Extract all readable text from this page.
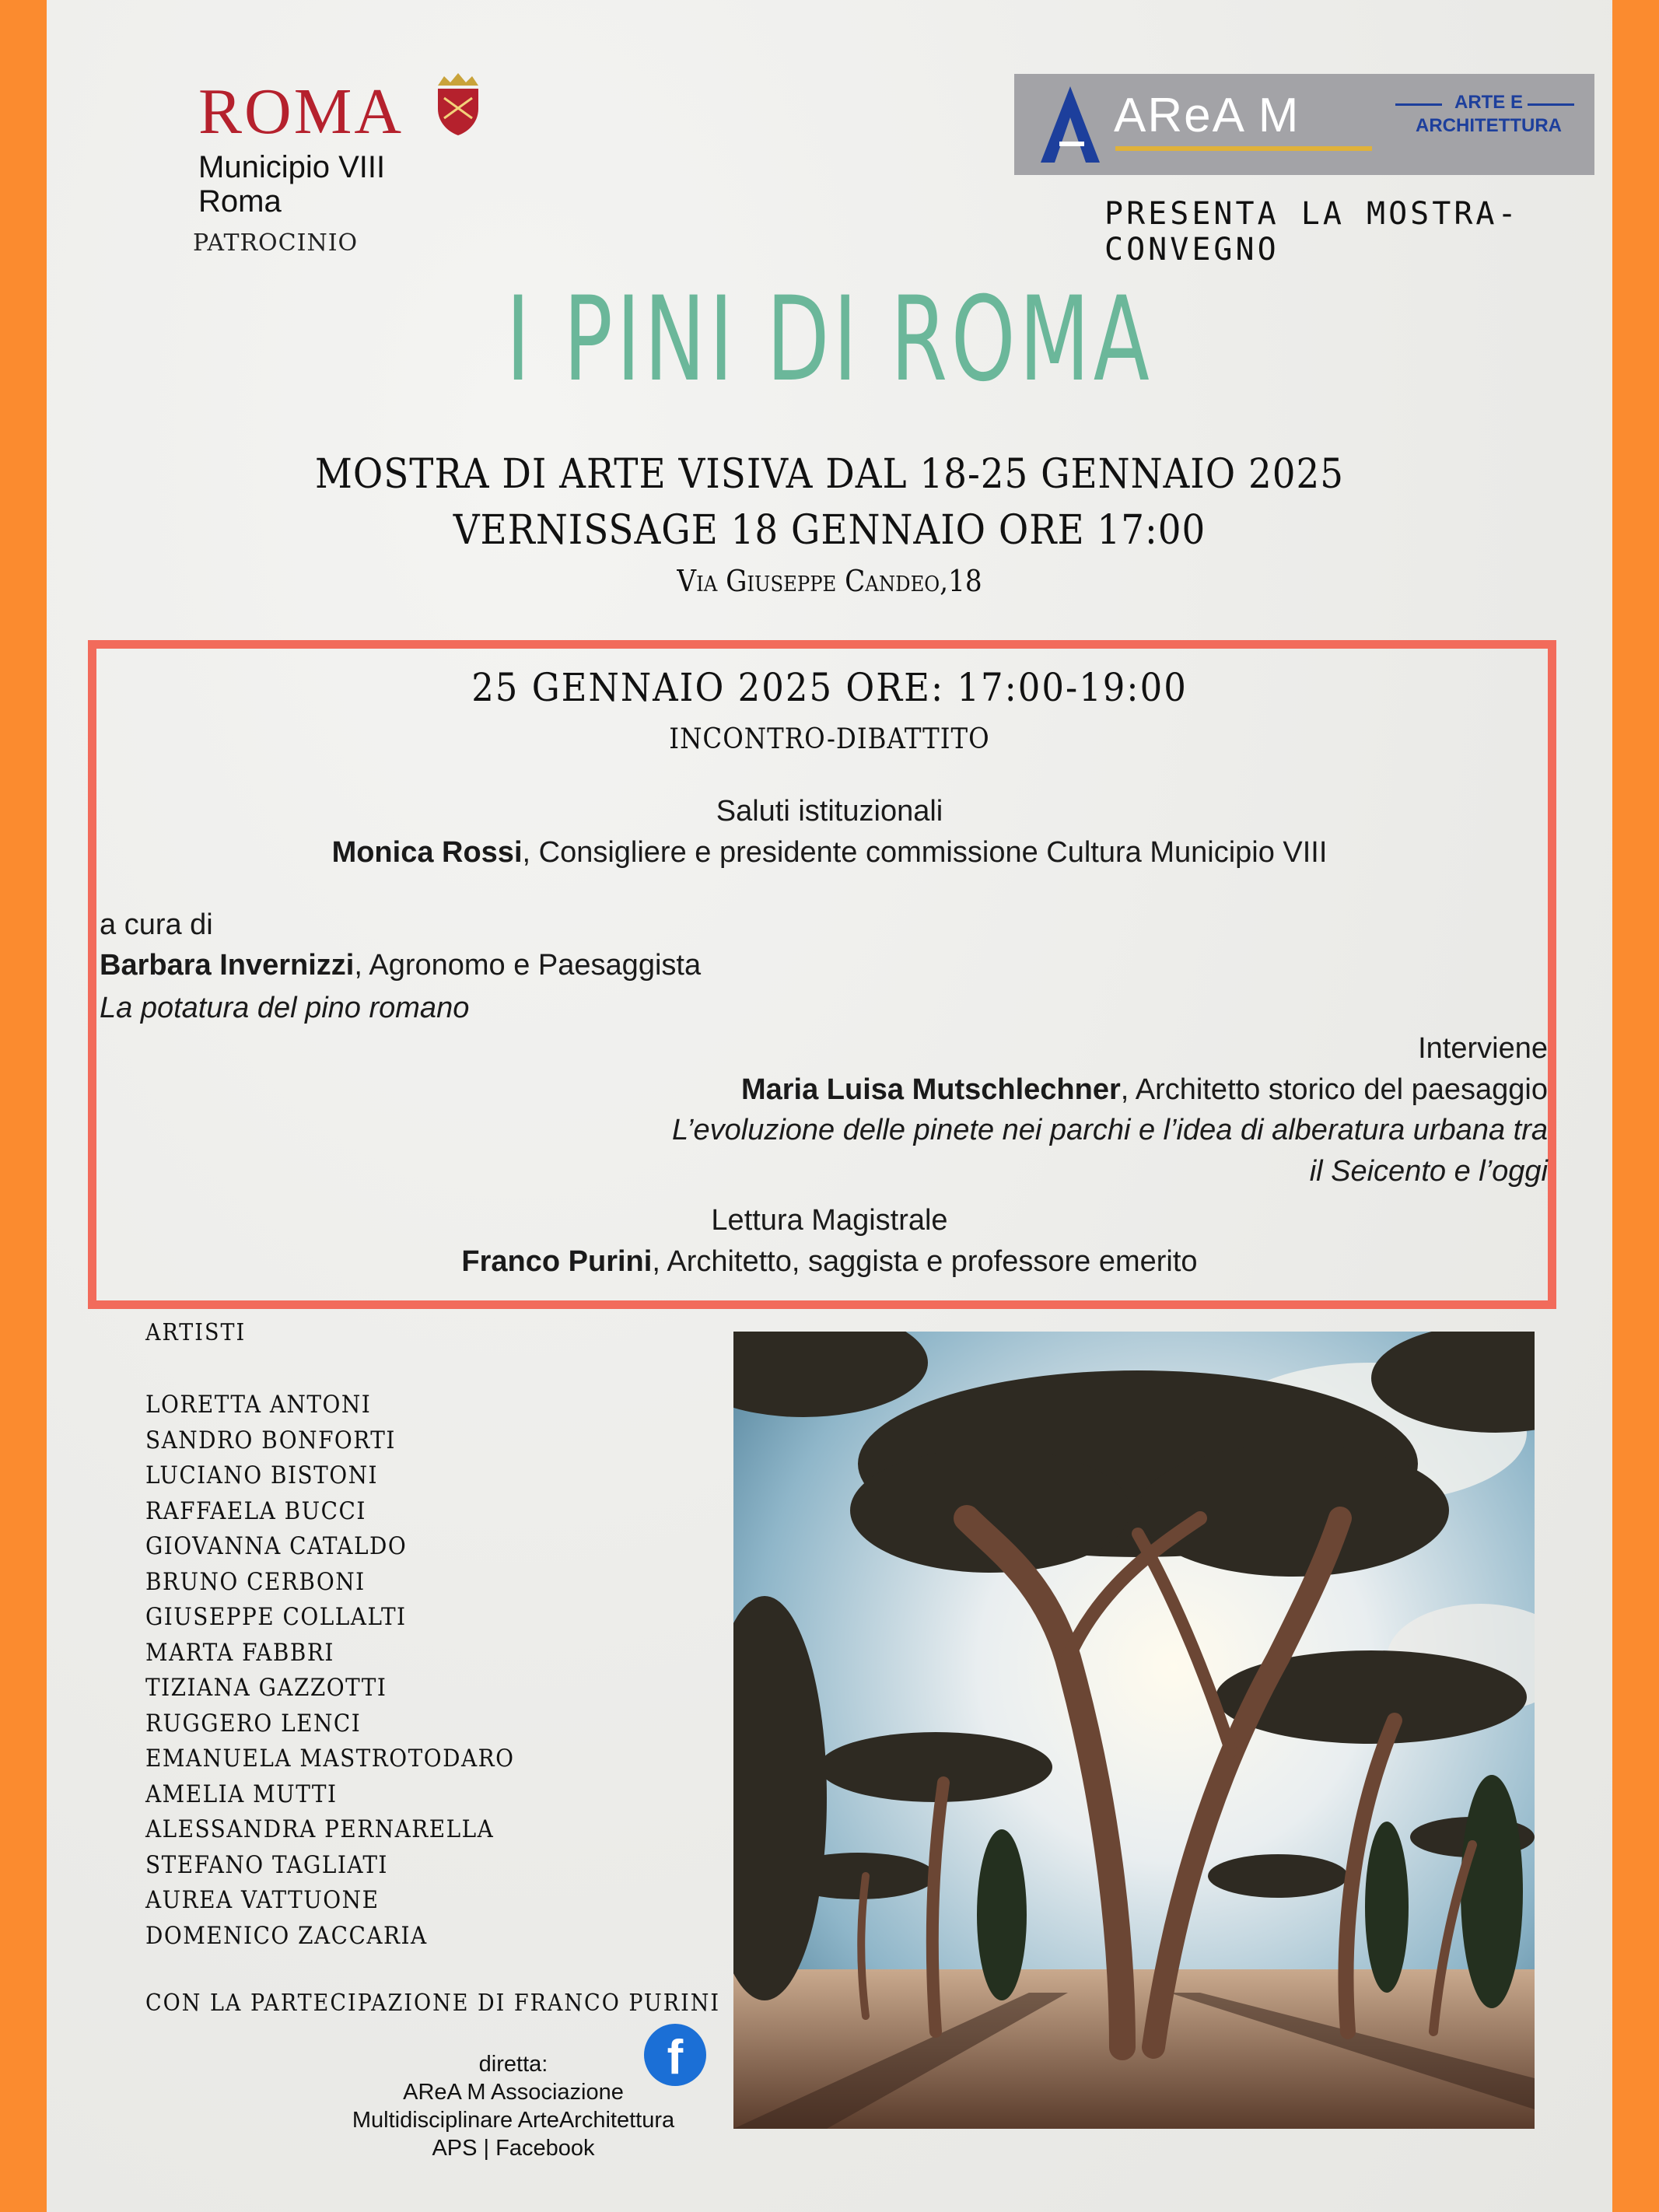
ROMA
Municipio VIII
Roma
PATROCINIO
AReA M	ARTE E
ARCHITETTURA
PRESENTA LA MOSTRA-CONVEGNO
I PINI DI ROMA
MOSTRA DI ARTE VISIVA DAL 18-25 GENNAIO 2025
VERNISSAGE 18 GENNAIO ORE 17:00
Via Giuseppe Candeo,18
25 GENNAIO 2025 ORE: 17:00-19:00
INCONTRO-DIBATTITO
Saluti istituzionali
Monica Rossi, Consigliere e presidente commissione Cultura Municipio VIII
a cura di
Barbara Invernizzi, Agronomo e Paesaggista
La potatura del pino romano
Interviene
Maria Luisa Mutschlechner, Architetto storico del paesaggio
L’evoluzione delle pinete nei parchi e l’idea di alberatura urbana tra
il Seicento e l’oggi
Lettura Magistrale
Franco Purini, Architetto, saggista e professore emerito
ARTISTI
LORETTA ANTONI
SANDRO BONFORTI
LUCIANO BISTONI
RAFFAELA BUCCI
GIOVANNA CATALDO
BRUNO CERBONI
GIUSEPPE COLLALTI
MARTA FABBRI
TIZIANA GAZZOTTI
RUGGERO LENCI
EMANUELA MASTROTODARO
AMELIA MUTTI
ALESSANDRA PERNARELLA
STEFANO TAGLIATI
AUREA VATTUONE
DOMENICO ZACCARIA
CON LA PARTECIPAZIONE DI FRANCO PURINI
f
diretta:
AReA M Associazione
Multidisciplinare ArteArchitettura
APS | Facebook
